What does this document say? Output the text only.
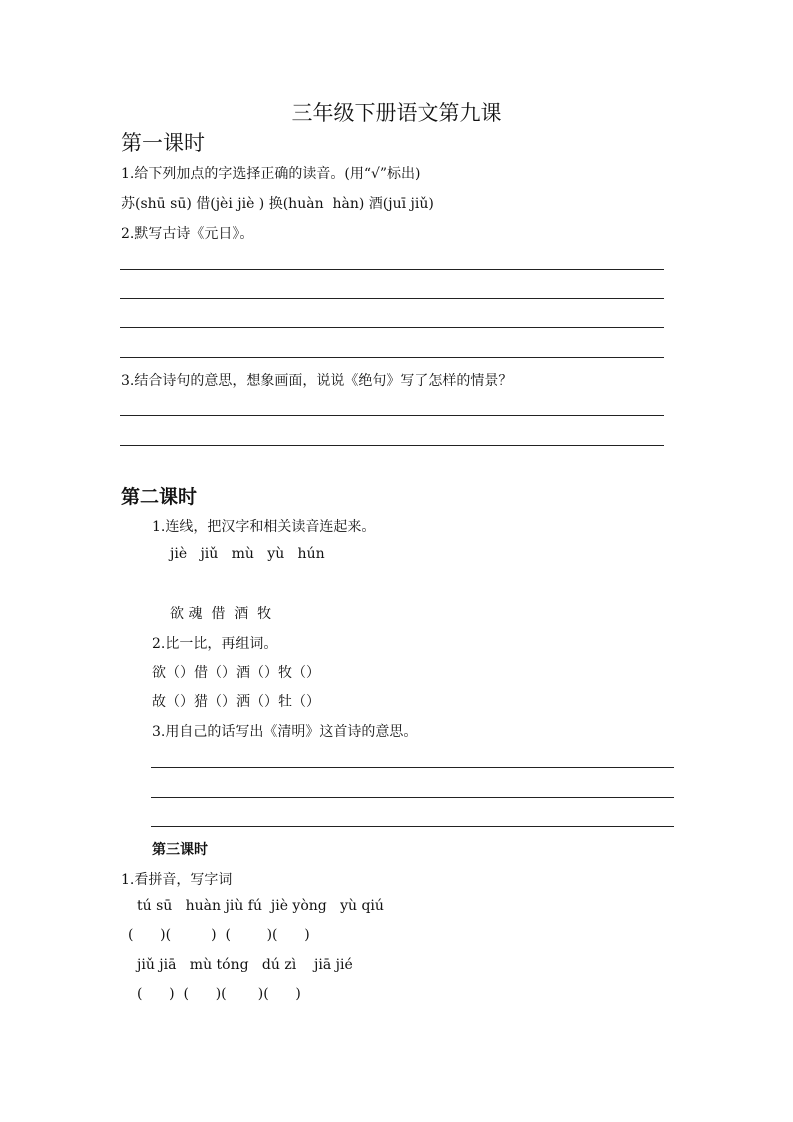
三年级下册语文第九课
第一课时
1.给下列加点的字选择正确的读音。(用“√”标出)
苏(shū sū) 借(jèi jiè ) 换(huàn  hàn) 酒(juī jiǔ)
2.默写古诗《元日》。
3.结合诗句的意思，想象画面，说说《绝句》写了怎样的情景？
第二课时
1.连线，把汉字和相关读音连起来。
jiè   jiǔ   mù   yù   hún
欲 魂  借  酒  牧
2.比一比，再组词。
欲（）借（）酒（）牧（）
故（）猎（）洒（）牡（）
3.用自己的话写出《清明》这首诗的意思。
第三课时
1.看拼音，写字词
tú sū   huàn jiù fú  jiè yòng   yù qiú
(      )(         )  (        )(      )
jiǔ jiā   mù tóng   dú zì    jiā jié
(      )  (      )(       )(      )
